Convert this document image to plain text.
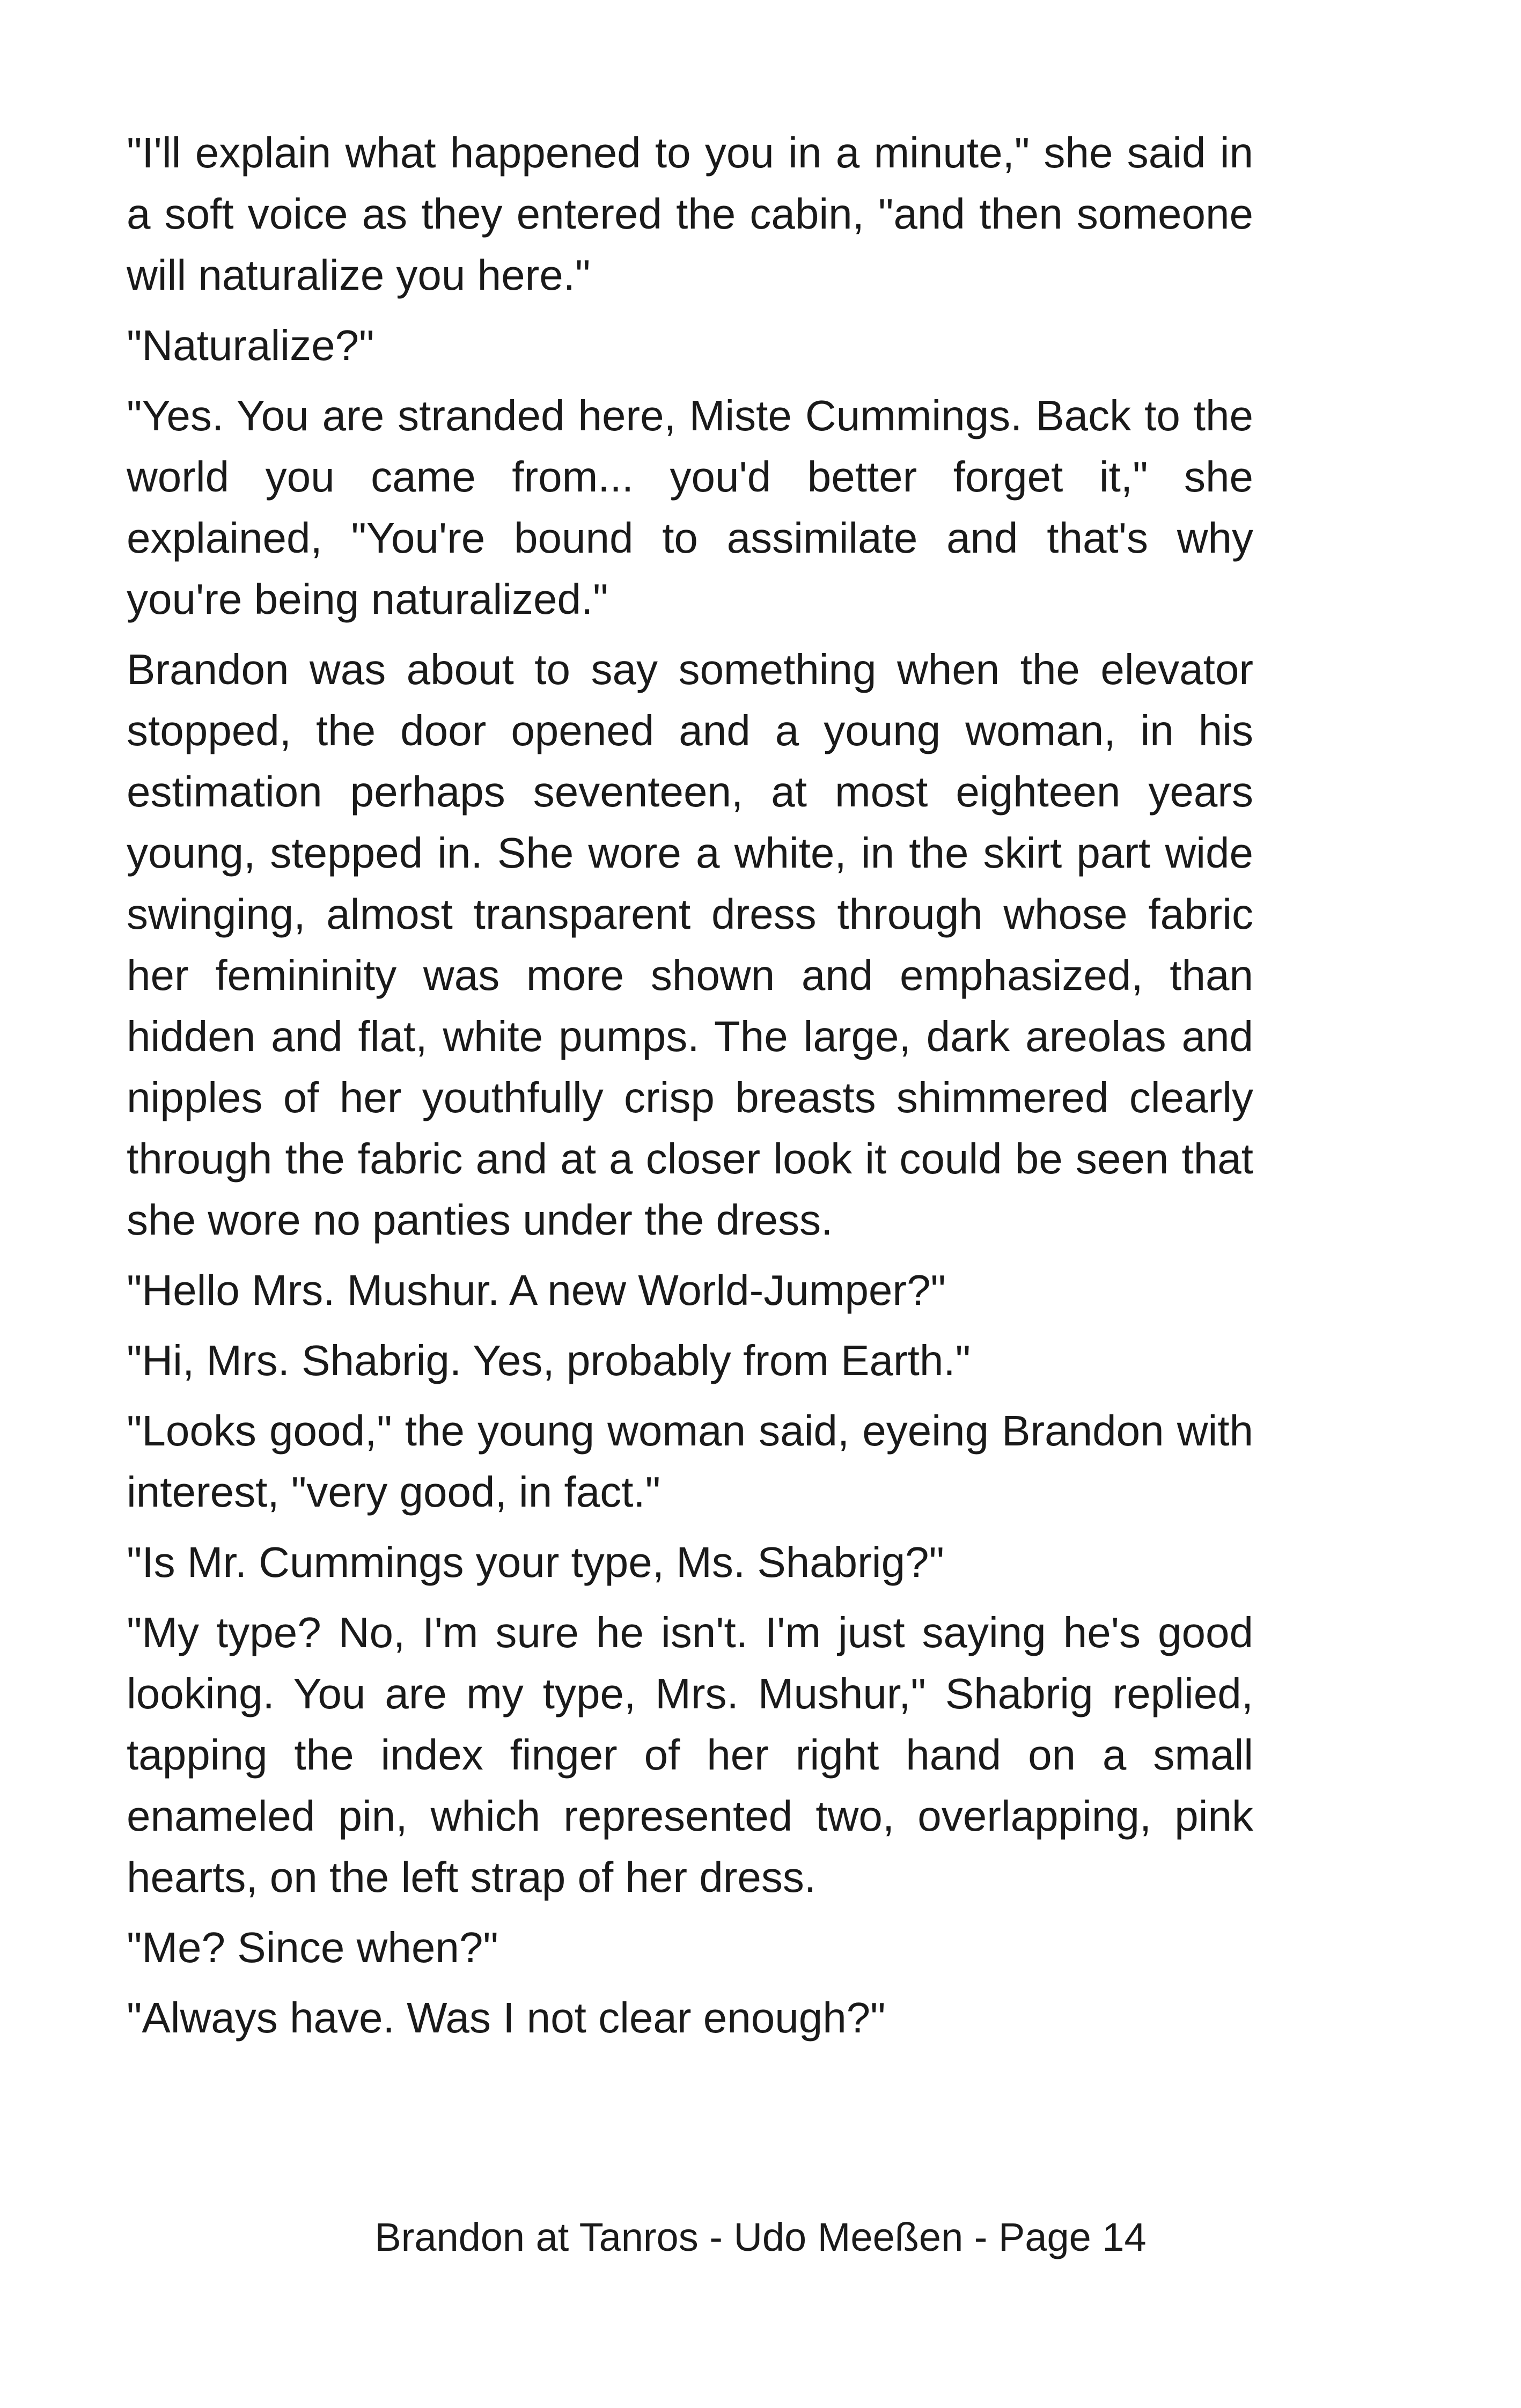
"I'll explain what happened to you in a minute," she said in a soft voice as they entered the cabin, "and then someone will naturalize you here."

"Naturalize?"

"Yes. You are stranded here, Miste Cummings. Back to the world you came from... you'd better forget it," she explained, "You're bound to assimilate and that's why you're being naturalized."

Brandon was about to say something when the elevator stopped, the door opened and a young woman, in his estimation perhaps seventeen, at most eighteen years young, stepped in. She wore a white, in the skirt part wide swinging, almost transparent dress through whose fabric her femininity was more shown and emphasized, than hidden and flat, white pumps. The large, dark areolas and nipples of her youthfully crisp breasts shimmered clearly through the fabric and at a closer look it could be seen that she wore no panties under the dress.

"Hello Mrs. Mushur. A new World-Jumper?"

"Hi, Mrs. Shabrig. Yes, probably from Earth."

"Looks good," the young woman said, eyeing Brandon with interest, "very good, in fact."

"Is Mr. Cummings your type, Ms. Shabrig?"

"My type? No, I'm sure he isn't. I'm just saying he's good looking. You are my type, Mrs. Mushur," Shabrig replied, tapping the index finger of her right hand on a small enameled pin, which represented two, overlapping, pink hearts, on the left strap of her dress.

"Me? Since when?"

"Always have. Was I not clear enough?"

Brandon at Tanros - Udo Meeßen - Page 14
